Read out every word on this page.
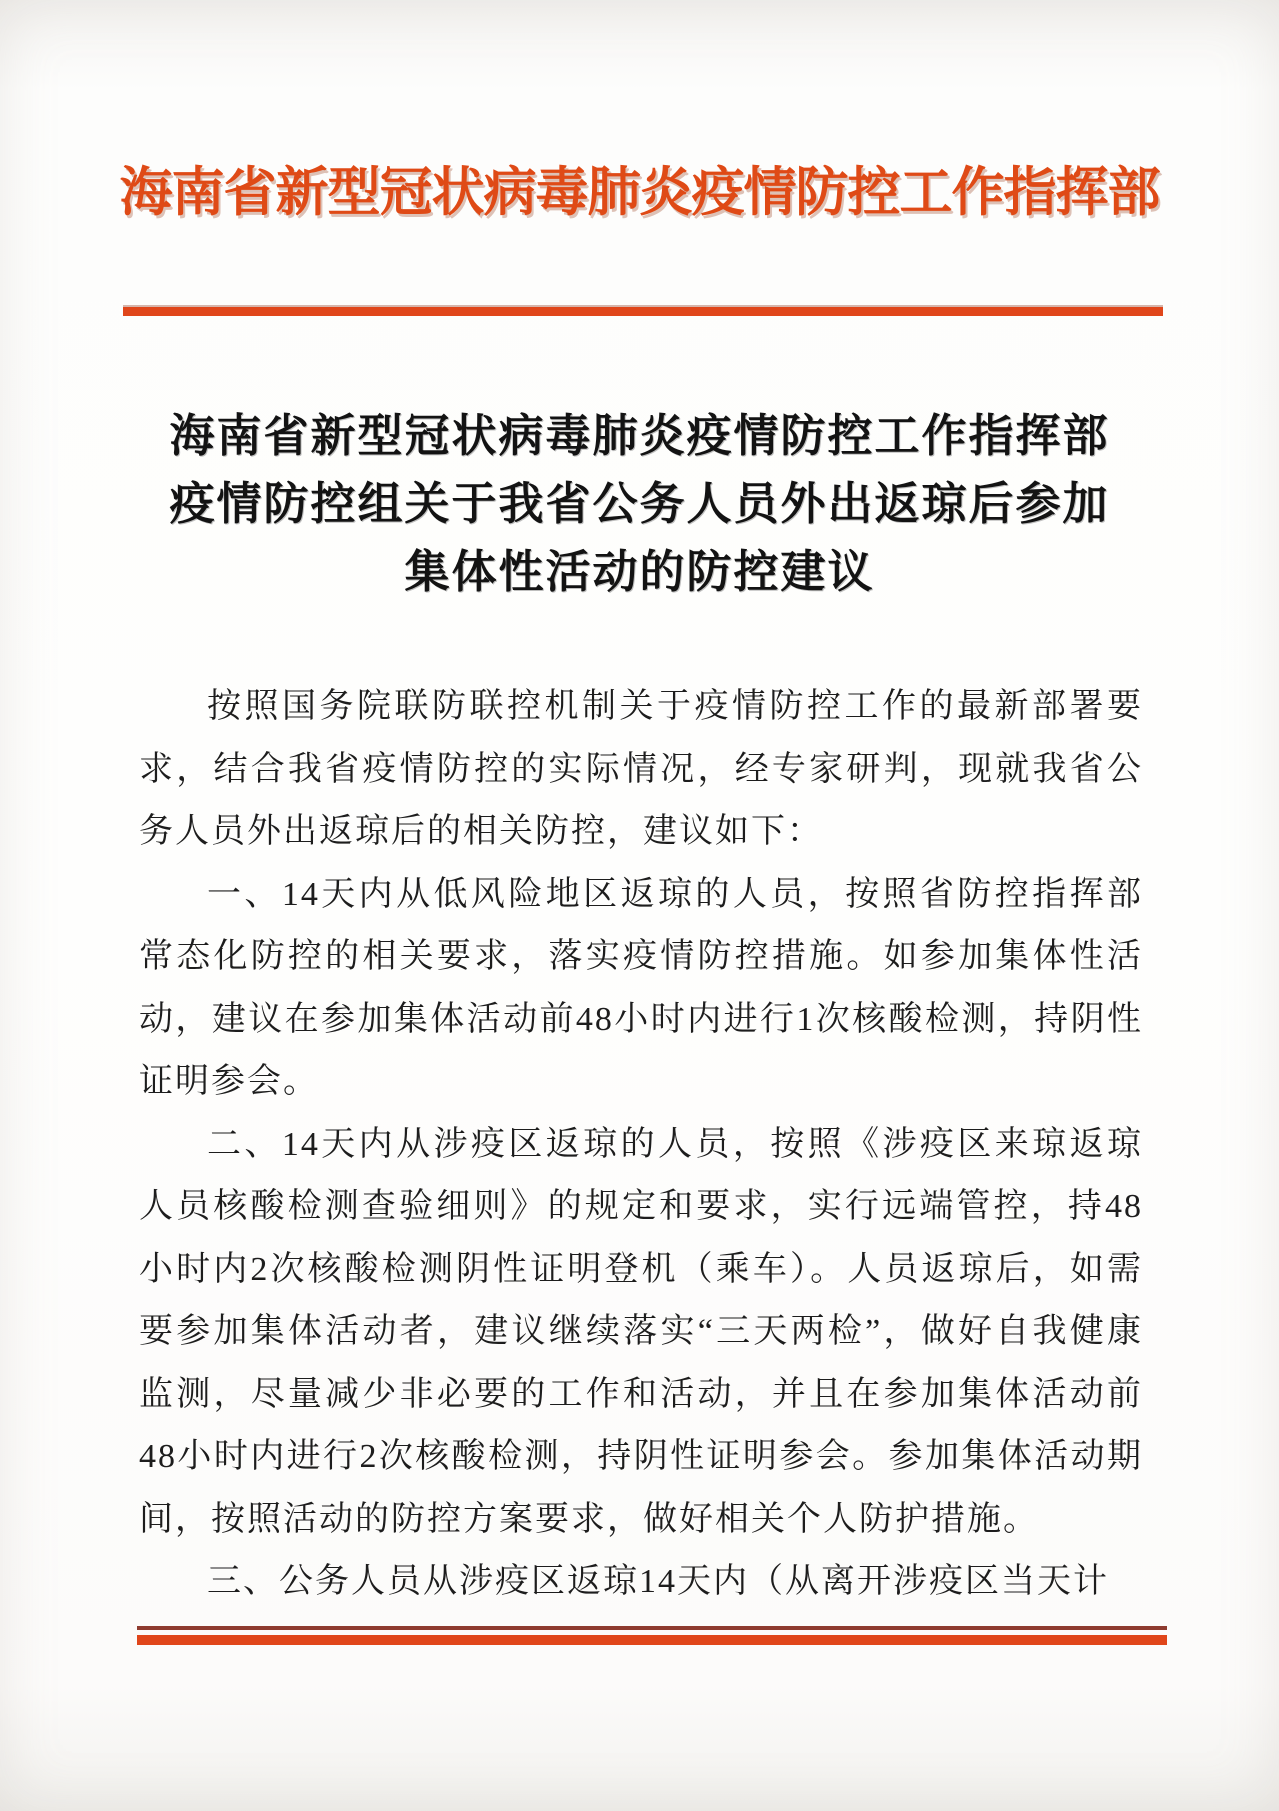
海南省新型冠状病毒肺炎疫情防控工作指挥部
海南省新型冠状病毒肺炎疫情防控工作指挥部
疫情防控组关于我省公务人员外出返琼后参加
集体性活动的防控建议

按照国务院联防联控机制关于疫情防控工作的最新部署要求，结合我省疫情防控的实际情况，经专家研判，现就我省公务人员外出返琼后的相关防控，建议如下：

一、14天内从低风险地区返琼的人员，按照省防控指挥部常态化防控的相关要求，落实疫情防控措施。如参加集体性活动，建议在参加集体活动前48小时内进行1次核酸检测，持阴性证明参会。

二、14天内从涉疫区返琼的人员，按照《涉疫区来琼返琼人员核酸检测查验细则》的规定和要求，实行远端管控，持48小时内2次核酸检测阴性证明登机（乘车）。人员返琼后，如需要参加集体活动者，建议继续落实“三天两检”，做好自我健康监测，尽量减少非必要的工作和活动，并且在参加集体活动前48小时内进行2次核酸检测，持阴性证明参会。参加集体活动期间，按照活动的防控方案要求，做好相关个人防护措施。

三、公务人员从涉疫区返琼14天内（从离开涉疫区当天计
